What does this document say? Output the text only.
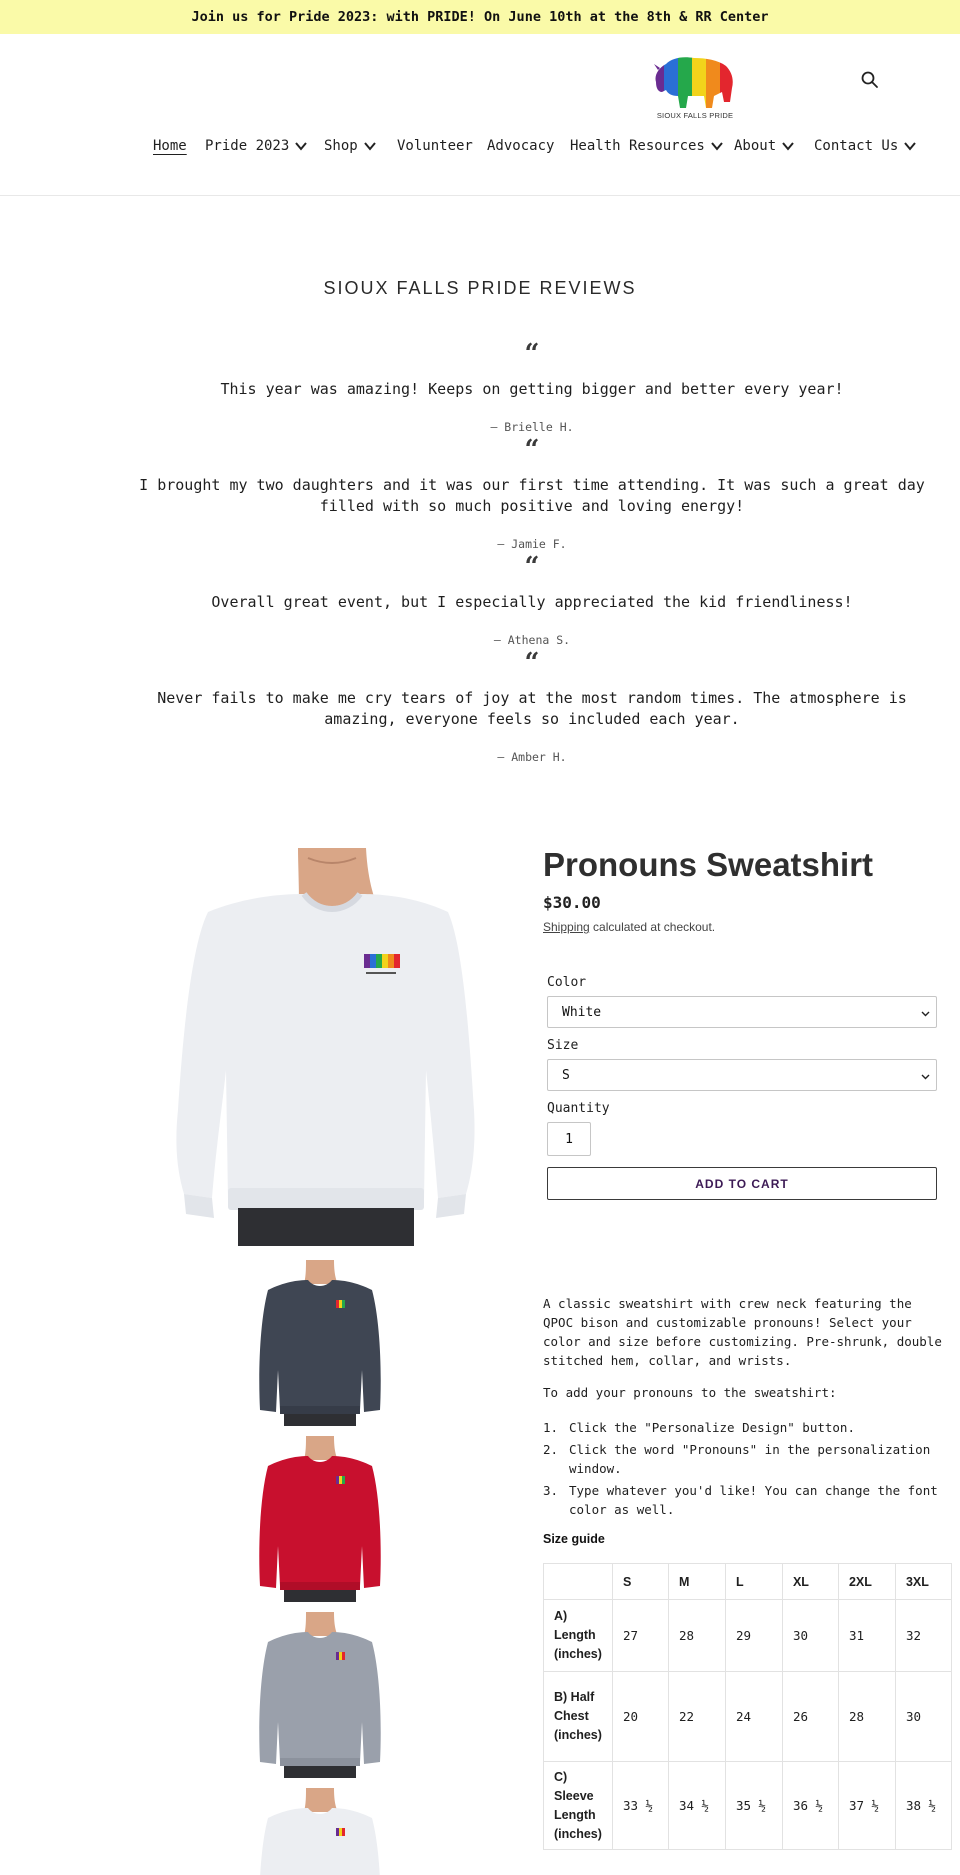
Join us for Pride 2023: with PRIDE! On June 10th at the 8th & RR Center
SIOUX FALLS PRIDE
Home Pride 2023 Shop	Volunteer Advocacy Health Resources About	Contact Us
SIOUX FALLS PRIDE REVIEWS
“
This year was amazing! Keeps on getting bigger and better every year!
— Brielle H.
“
I brought my two daughters and it was our first time attending. It was such a great day filled with so much positive and loving energy!
— Jamie F.
“
Overall great event, but I especially appreciated the kid friendliness!
— Athena S.
“
Never fails to make me cry tears of joy at the most random times. The atmosphere is amazing, everyone feels so included each year.
— Amber H.
Pronouns Sweatshirt
$30.00
Shipping calculated at checkout.
Color
White
Size
S
Quantity
1
ADD TO CART
A classic sweatshirt with crew neck featuring the QPOC bison and customizable pronouns! Select your color and size before customizing. Pre-shrunk, double stitched hem, collar, and wrists.
To add your pronouns to the sweatshirt:
1. Click the "Personalize Design" button.
2. Click the word "Pronouns" in the personalization window.
3. Type whatever you'd like! You can change the font color as well.
Size guide
	S	M	L	XL	2XL	3XL
A) Length (inches)	27	28	29	30	31	32
B) Half Chest (inches)	20	22	24	26	28	30
C) Sleeve Length (inches)	33 ½	34 ½	35 ½	36 ½	37 ½	38 ½
